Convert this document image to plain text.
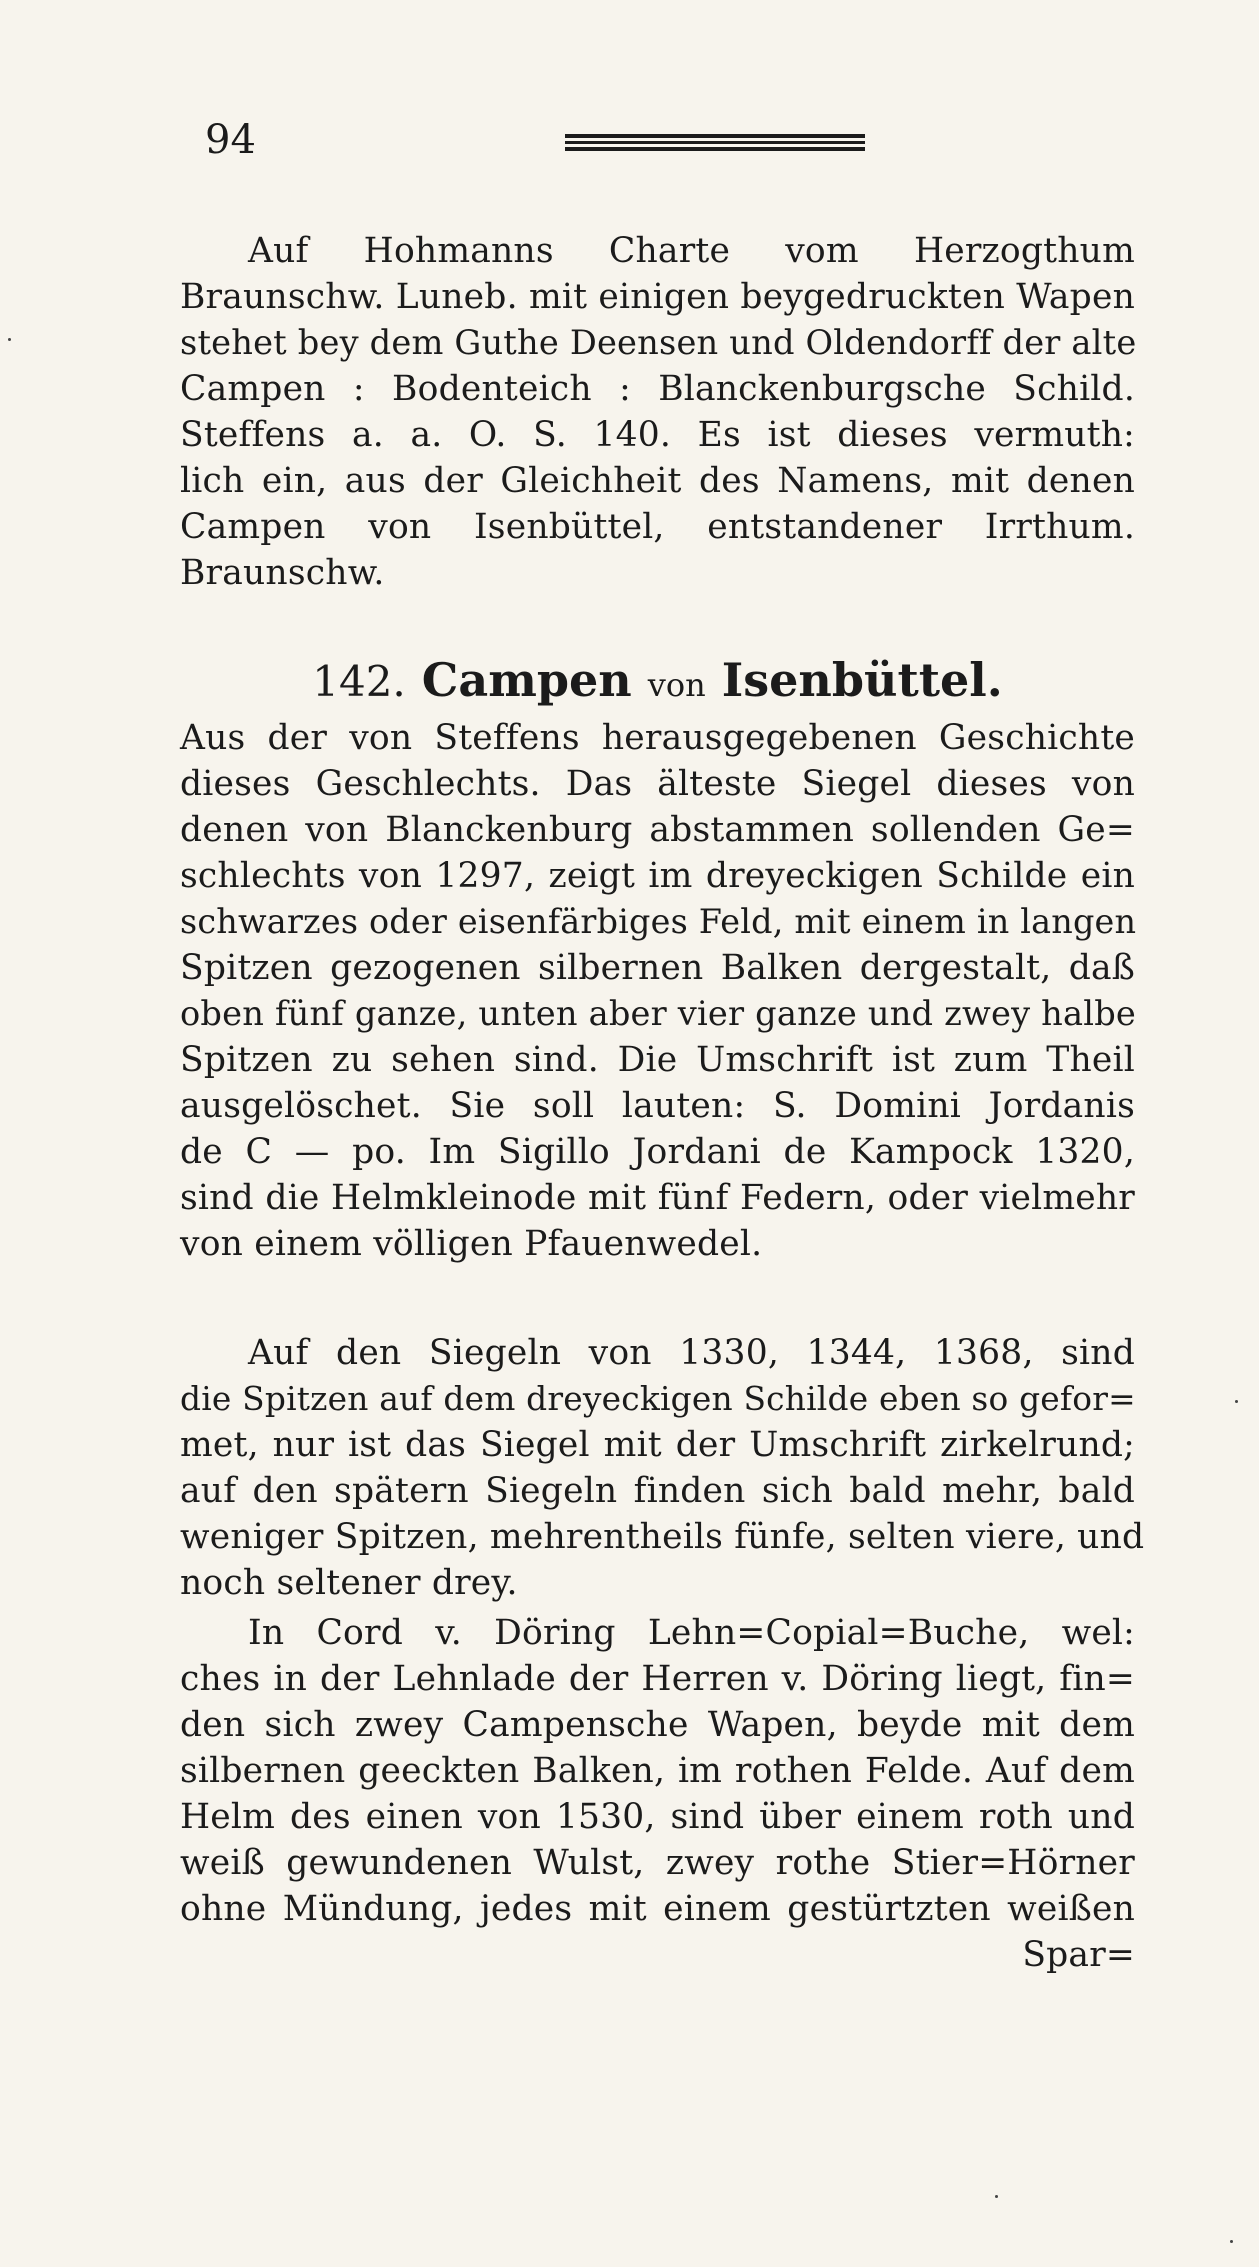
94
Auf Hohmanns Charte vom Herzogthum
Braunschw. Luneb. mit einigen beygedruckten Wapen
stehet bey dem Guthe Deensen und Oldendorff der alte
Campen : Bodenteich : Blanckenburgsche Schild.
Steffens a. a. O. S. 140. Es ist dieses vermuth:
lich ein, aus der Gleichheit des Namens, mit denen
Campen von Isenbüttel, entstandener Irrthum.
Braunschw.
142. Campen von Isenbüttel.
Aus der von Steffens herausgegebenen Geschichte
dieses Geschlechts. Das älteste Siegel dieses von
denen von Blanckenburg abstammen sollenden Ge=
schlechts von 1297, zeigt im dreyeckigen Schilde ein
schwarzes oder eisenfärbiges Feld, mit einem in langen
Spitzen gezogenen silbernen Balken dergestalt, daß
oben fünf ganze, unten aber vier ganze und zwey halbe
Spitzen zu sehen sind. Die Umschrift ist zum Theil
ausgelöschet. Sie soll lauten: S. Domini Jordanis
de C — po. Im Sigillo Jordani de Kampock 1320,
sind die Helmkleinode mit fünf Federn, oder vielmehr
von einem völligen Pfauenwedel.
Auf den Siegeln von 1330, 1344, 1368, sind
die Spitzen auf dem dreyeckigen Schilde eben so gefor=
met, nur ist das Siegel mit der Umschrift zirkelrund;
auf den spätern Siegeln finden sich bald mehr, bald
weniger Spitzen, mehrentheils fünfe, selten viere, und
noch seltener drey.
In Cord v. Döring Lehn=Copial=Buche, wel:
ches in der Lehnlade der Herren v. Döring liegt, fin=
den sich zwey Campensche Wapen, beyde mit dem
silbernen geeckten Balken, im rothen Felde. Auf dem
Helm des einen von 1530, sind über einem roth und
weiß gewundenen Wulst, zwey rothe Stier=Hörner
ohne Mündung, jedes mit einem gestürtzten weißen
Spar=
